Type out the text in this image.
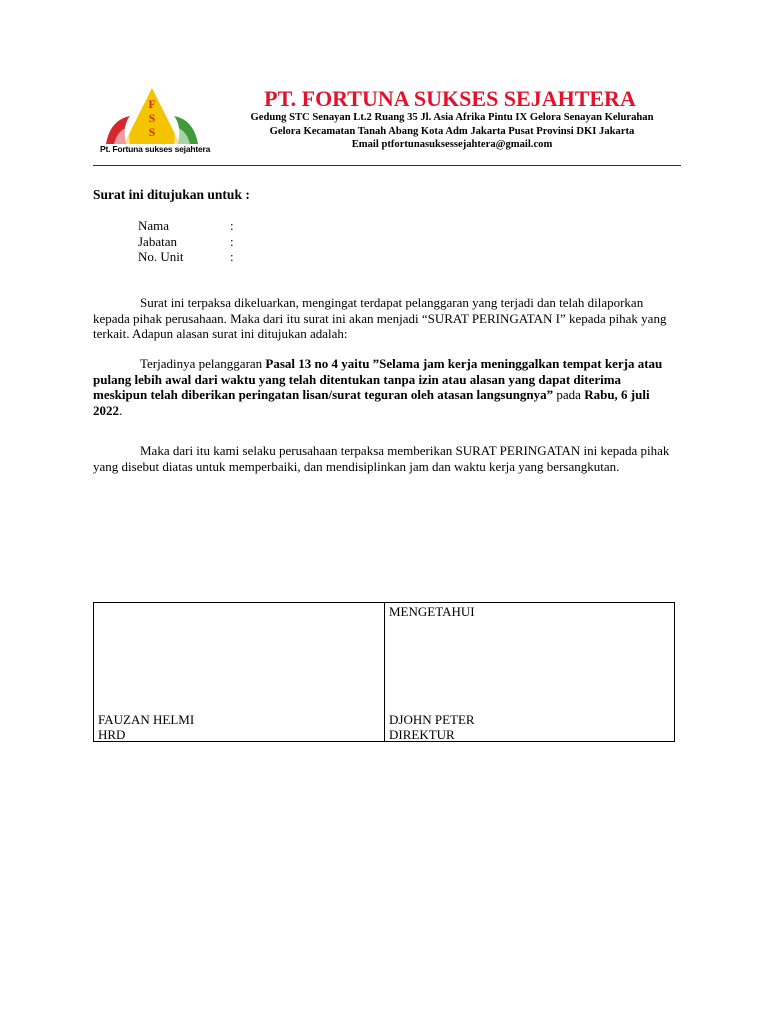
F
S
S
Pt. Fortuna sukses sejahtera
PT. FORTUNA SUKSES SEJAHTERA
Gedung STC Senayan Lt.2 Ruang 35 Jl. Asia Afrika Pintu IX Gelora Senayan Kelurahan
Gelora Kecamatan Tanah Abang Kota Adm Jakarta Pusat Provinsi DKI Jakarta
Email ptfortunasuksessejahtera@gmail.com
Surat ini ditujukan untuk :
Nama	:
Jabatan	:
No. Unit	:
Surat ini terpaksa dikeluarkan, mengingat terdapat pelanggaran yang terjadi dan telah dilaporkan kepada pihak perusahaan. Maka dari itu surat ini akan menjadi “SURAT PERINGATAN I” kepada pihak yang terkait. Adapun alasan surat ini ditujukan adalah:
Terjadinya pelanggaran Pasal 13 no 4 yaitu ”Selama jam kerja meninggalkan tempat kerja atau pulang lebih awal dari waktu yang telah ditentukan tanpa izin atau alasan yang dapat diterima meskipun telah diberikan peringatan lisan/surat teguran oleh atasan langsungnya” pada Rabu, 6 juli 2022.
Maka dari itu kami selaku perusahaan terpaksa memberikan SURAT PERINGATAN ini kepada pihak yang disebut diatas untuk memperbaiki, dan mendisiplinkan jam dan waktu kerja yang bersangkutan.
FAUZAN HELMI
HRD

MENGETAHUI
DJOHN PETER
DIREKTUR
